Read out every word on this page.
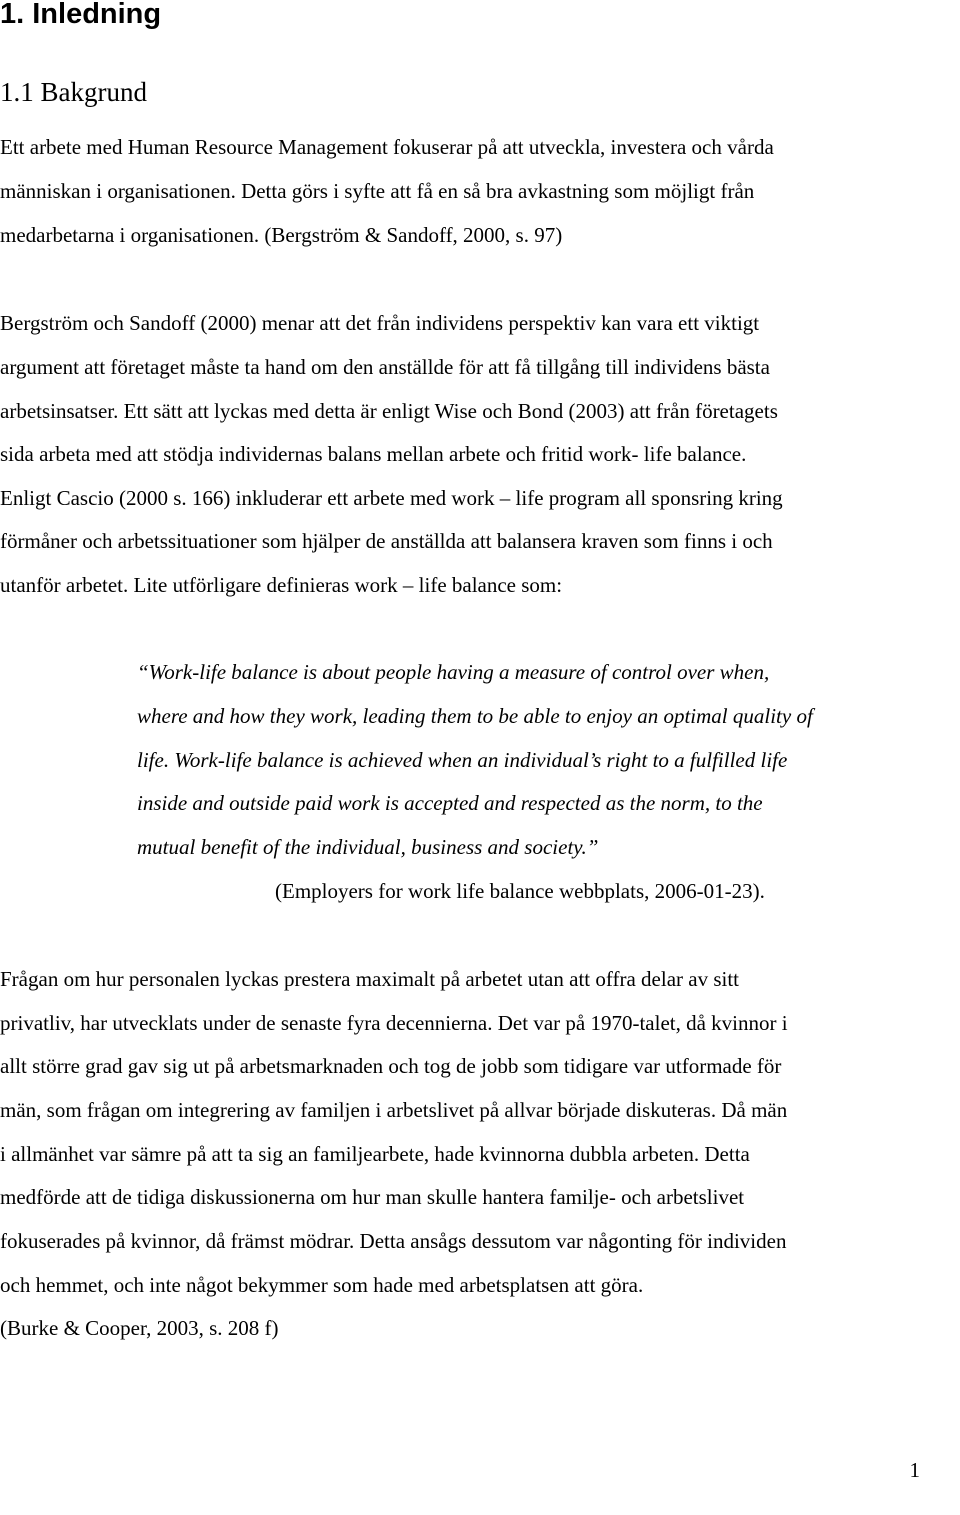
1. Inledning
1.1 Bakgrund

Ett arbete med Human Resource Management fokuserar på att utveckla, investera och vårda

människan i organisationen. Detta görs i syfte att få en så bra avkastning som möjligt från

medarbetarna i organisationen. (Bergström & Sandoff, 2000, s. 97)

Bergström och Sandoff (2000) menar att det från individens perspektiv kan vara ett viktigt

argument att företaget måste ta hand om den anställde för att få tillgång till individens bästa

arbetsinsatser. Ett sätt att lyckas med detta är enligt Wise och Bond (2003) att från företagets

sida arbeta med att stödja individernas balans mellan arbete och fritid work- life balance.

Enligt Cascio (2000 s. 166) inkluderar ett arbete med work – life program all sponsring kring

förmåner och arbetssituationer som hjälper de anställda att balansera kraven som finns i och

utanför arbetet. Lite utförligare definieras work – life balance som:

“Work-life balance is about people having a measure of control over when,

where and how they work, leading them to be able to enjoy an optimal quality of

life. Work-life balance is achieved when an individual’s right to a fulfilled life

inside and outside paid work is accepted and respected as the norm, to the

mutual benefit of the individual, business and society.”

(Employers for work life balance webbplats, 2006-01-23).

Frågan om hur personalen lyckas prestera maximalt på arbetet utan att offra delar av sitt

privatliv, har utvecklats under de senaste fyra decennierna. Det var på 1970-talet, då kvinnor i

allt större grad gav sig ut på arbetsmarknaden och tog de jobb som tidigare var utformade för

män, som frågan om integrering av familjen i arbetslivet på allvar började diskuteras. Då män

i allmänhet var sämre på att ta sig an familjearbete, hade kvinnorna dubbla arbeten. Detta

medförde att de tidiga diskussionerna om hur man skulle hantera familje- och arbetslivet

fokuserades på kvinnor, då främst mödrar. Detta ansågs dessutom var någonting för individen

och hemmet, och inte något bekymmer som hade med arbetsplatsen att göra.

(Burke & Cooper, 2003, s. 208 f)

1
